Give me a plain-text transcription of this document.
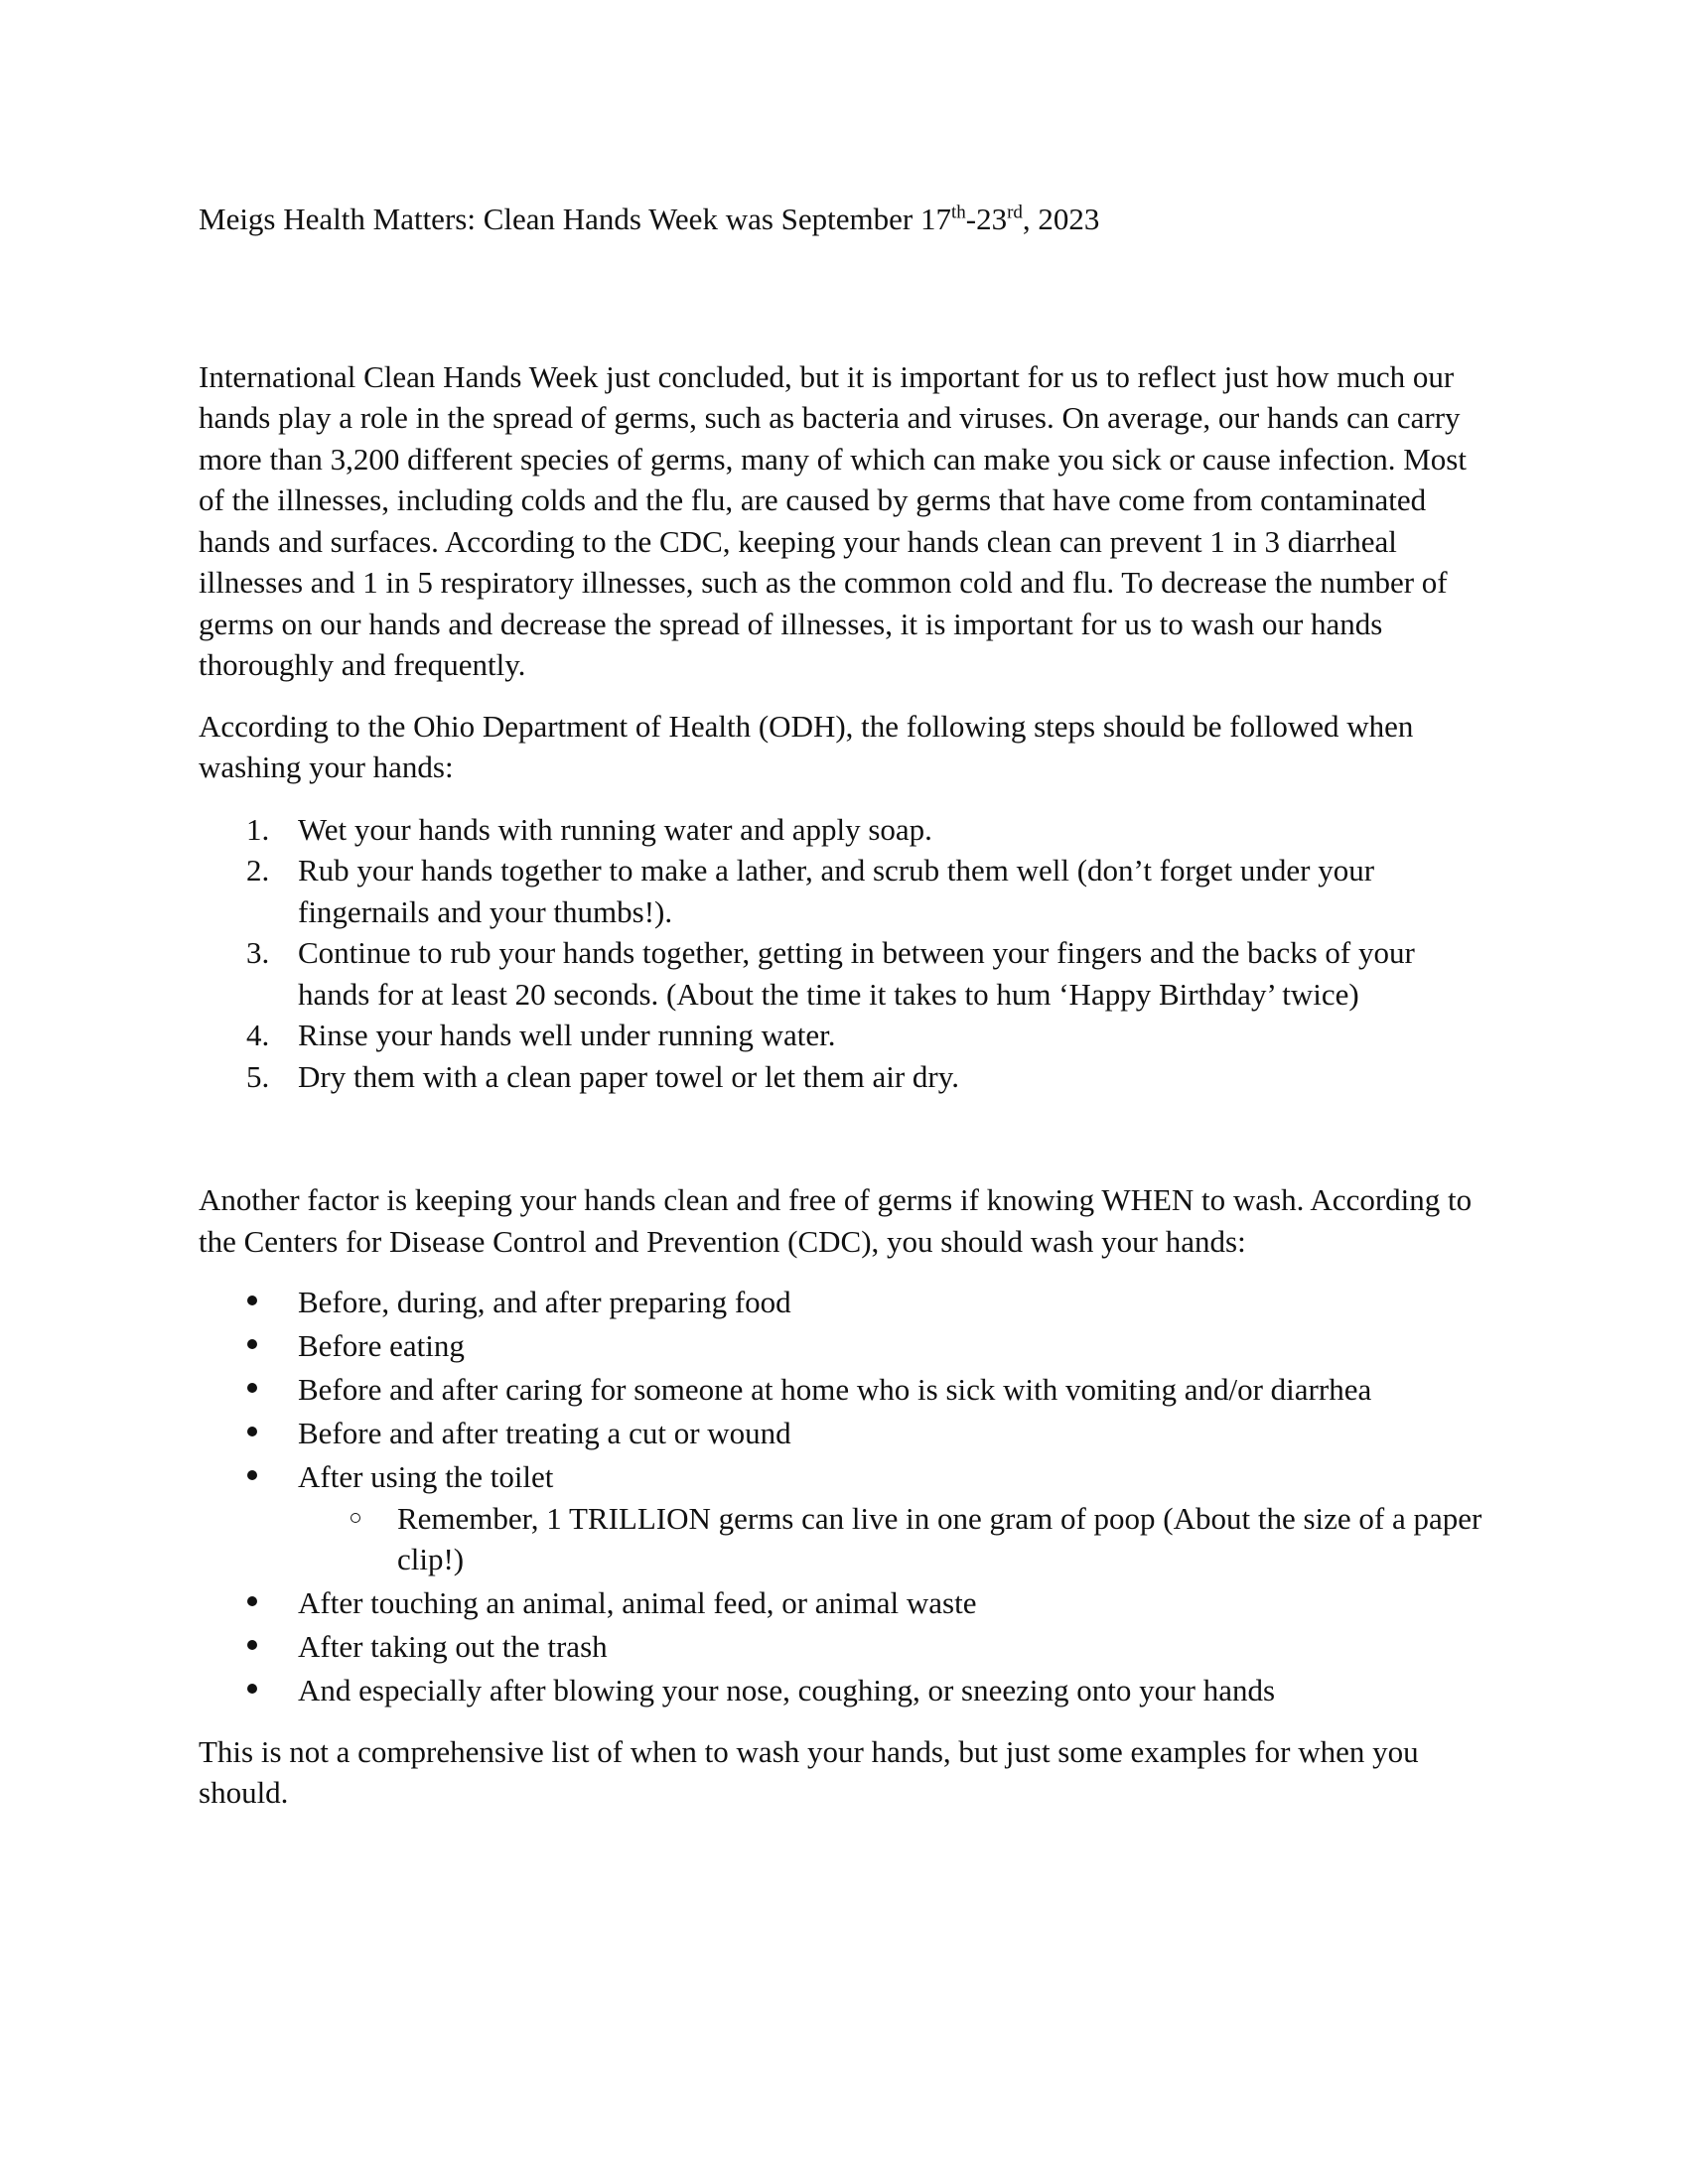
Meigs Health Matters: Clean Hands Week was September 17th-23rd, 2023

International Clean Hands Week just concluded, but it is important for us to reflect just how much our hands play a role in the spread of germs, such as bacteria and viruses. On average, our hands can carry more than 3,200 different species of germs, many of which can make you sick or cause infection. Most of the illnesses, including colds and the flu, are caused by germs that have come from contaminated hands and surfaces. According to the CDC, keeping your hands clean can prevent 1 in 3 diarrheal illnesses and 1 in 5 respiratory illnesses, such as the common cold and flu. To decrease the number of germs on our hands and decrease the spread of illnesses, it is important for us to wash our hands thoroughly and frequently.

According to the Ohio Department of Health (ODH), the following steps should be followed when washing your hands:

1. Wet your hands with running water and apply soap.
2. Rub your hands together to make a lather, and scrub them well (don’t forget under your fingernails and your thumbs!).
3. Continue to rub your hands together, getting in between your fingers and the backs of your hands for at least 20 seconds. (About the time it takes to hum ‘Happy Birthday’ twice)
4. Rinse your hands well under running water.
5. Dry them with a clean paper towel or let them air dry.

Another factor is keeping your hands clean and free of germs if knowing WHEN to wash. According to the Centers for Disease Control and Prevention (CDC), you should wash your hands:

Before, during, and after preparing food
Before eating
Before and after caring for someone at home who is sick with vomiting and/or diarrhea
Before and after treating a cut or wound
After using the toilet
Remember, 1 TRILLION germs can live in one gram of poop (About the size of a paper clip!)
After touching an animal, animal feed, or animal waste
After taking out the trash
And especially after blowing your nose, coughing, or sneezing onto your hands

This is not a comprehensive list of when to wash your hands, but just some examples for when you should.
